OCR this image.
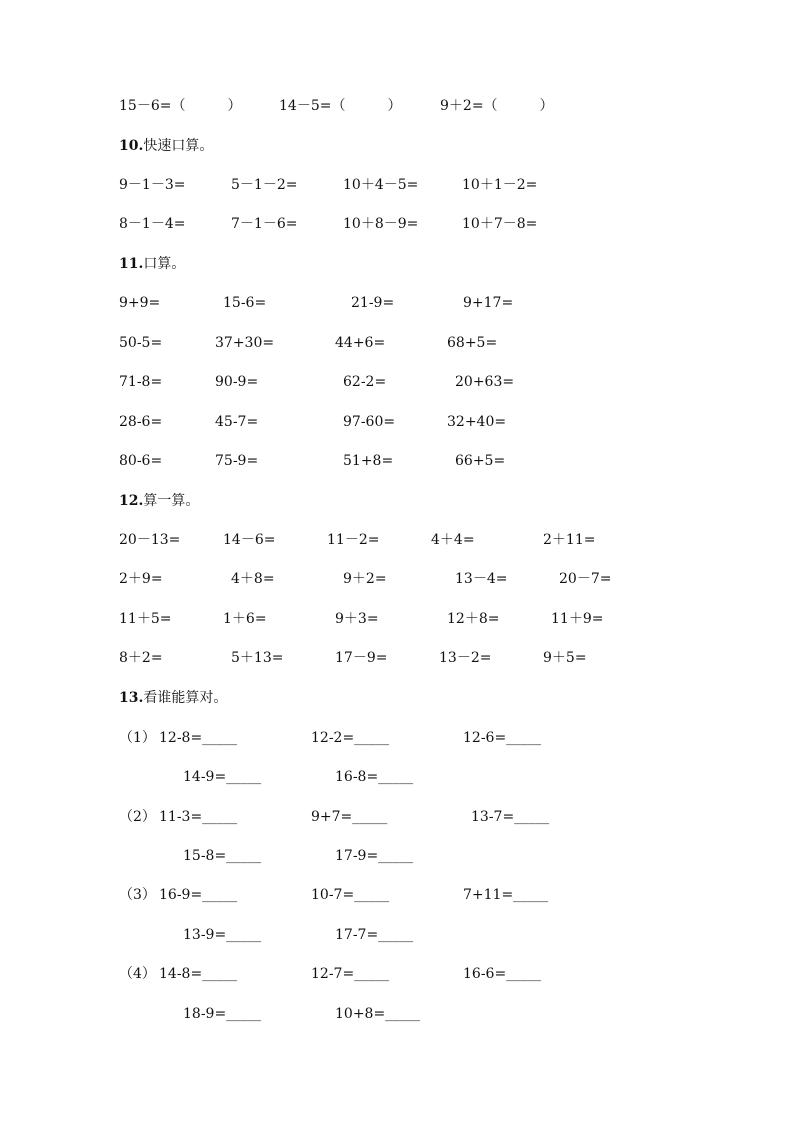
15－6=（　　　）	14－5=（　　　）	9＋2=（　　　）
10.快速口算。
9－1－3=	5－1－2=	10＋4－5=	10＋1－2=
8－1－4=	7－1－6=	10＋8－9=	10＋7－8=
11.口算。
9+9=	15-6=	21-9=	9+17=
50-5=	37+30=	44+6=	68+5=
71-8=	90-9=	62-2=	20+63=
28-6=	45-7=	97-60=	32+40=
80-6=	75-9=	51+8=	66+5=
12.算一算。
20－13=	14－6=	11－2=	4＋4=	2＋11=
2＋9=	4＋8=	9＋2=	13－4=	20－7=
11＋5=	1＋6=	9＋3=	12＋8=	11＋9=
8＋2=	5＋13=	17－9=	13－2=	9＋5=
13.看谁能算对。
（1） 12-8=_____	12-2=_____	12-6=_____
14-9=_____	16-8=_____
（2） 11-3=_____	9+7=_____	13-7=_____
15-8=_____	17-9=_____
（3） 16-9=_____	10-7=_____	7+11=_____
13-9=_____	17-7=_____
（4） 14-8=_____	12-7=_____	16-6=_____
18-9=_____	10+8=_____
